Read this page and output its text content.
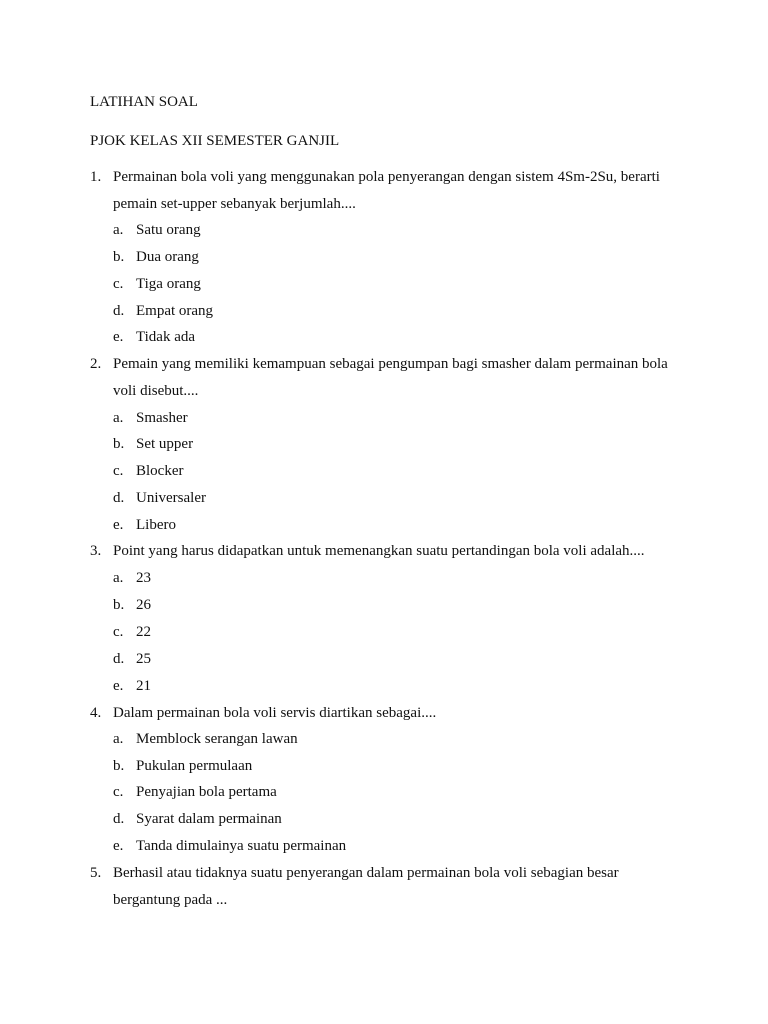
LATIHAN SOAL
PJOK KELAS XII SEMESTER GANJIL
1. Permainan bola voli yang menggunakan pola penyerangan dengan sistem 4Sm-2Su, berarti
pemain set-upper sebanyak berjumlah....
a. Satu orang
b. Dua orang
c. Tiga orang
d. Empat orang
e. Tidak ada
2. Pemain yang memiliki kemampuan sebagai pengumpan bagi smasher dalam permainan bola
voli disebut....
a. Smasher
b. Set upper
c. Blocker
d. Universaler
e. Libero
3. Point yang harus didapatkan untuk memenangkan suatu pertandingan bola voli adalah....
a. 23
b. 26
c. 22
d. 25
e. 21
4. Dalam permainan bola voli servis diartikan sebagai....
a. Memblock serangan lawan
b. Pukulan permulaan
c. Penyajian bola pertama
d. Syarat dalam permainan
e. Tanda dimulainya suatu permainan
5. Berhasil atau tidaknya suatu penyerangan dalam permainan bola voli sebagian besar
bergantung pada ...
